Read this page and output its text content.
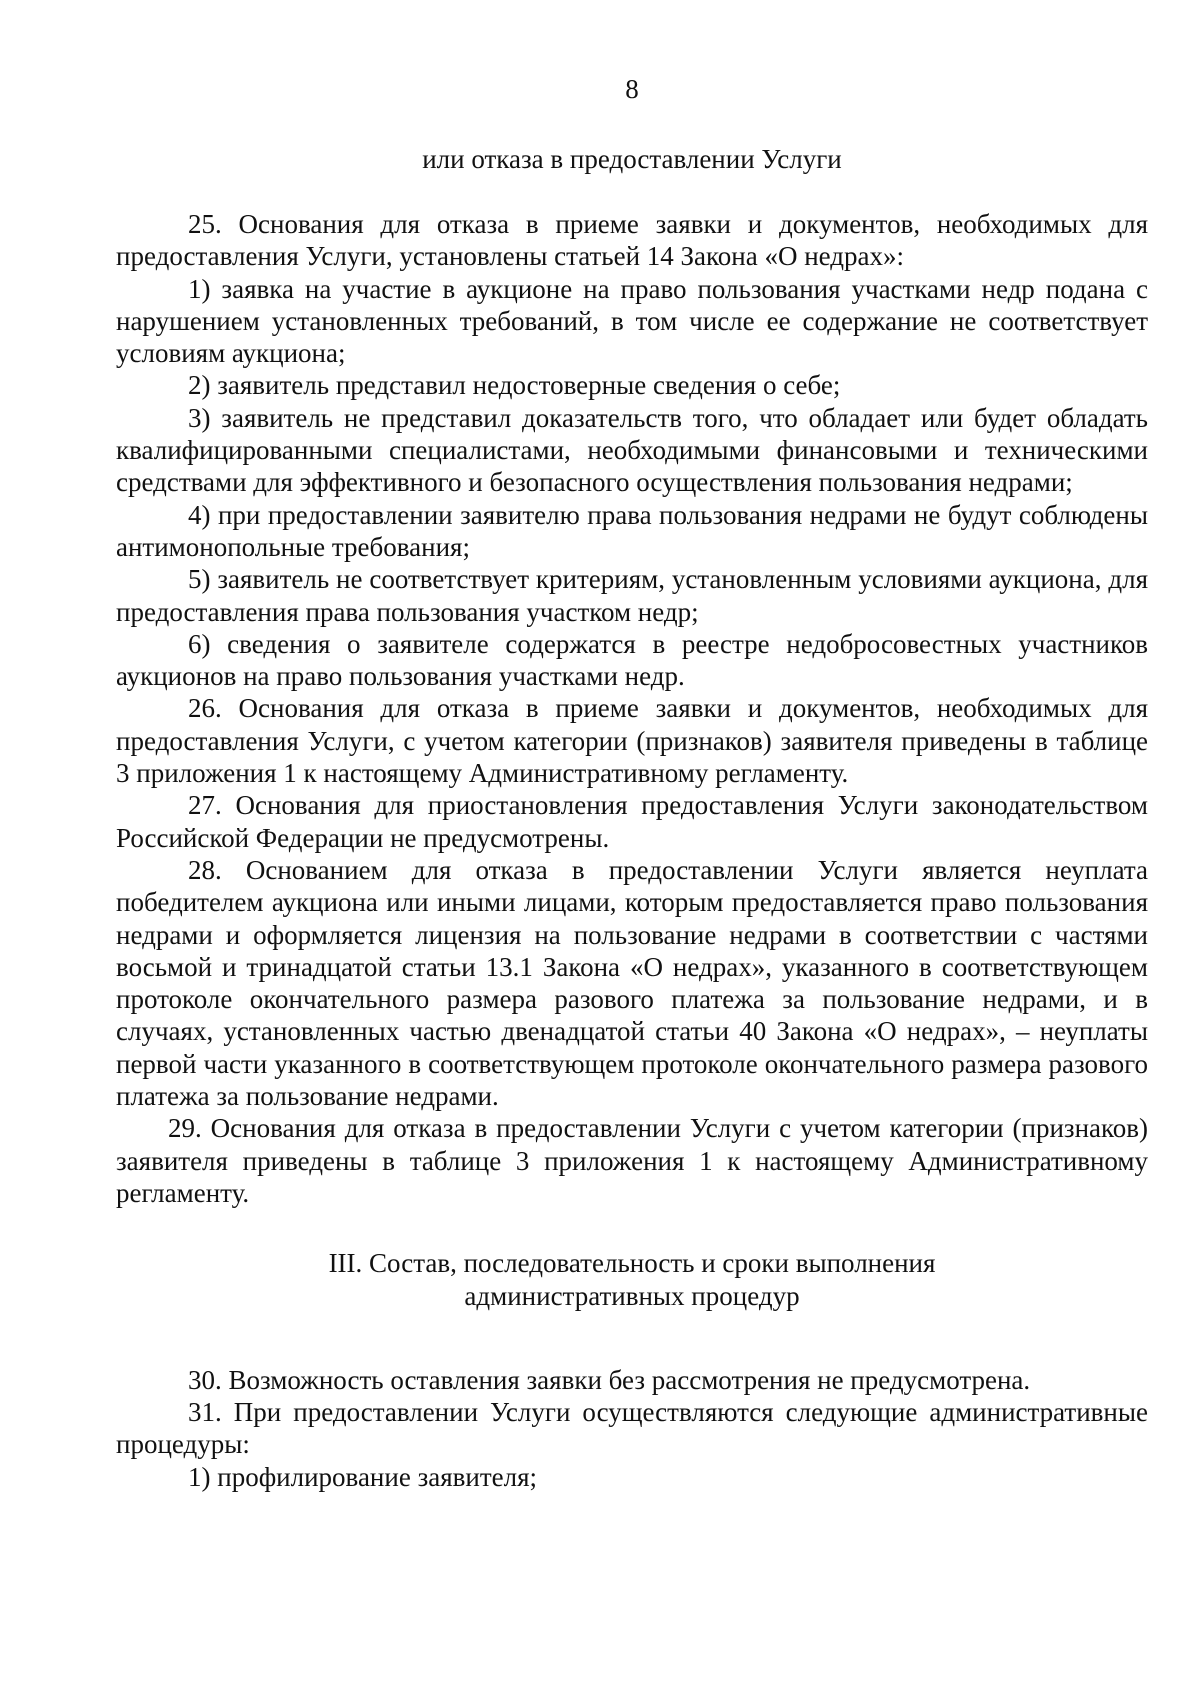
8
или отказа в предоставлении Услуги

25. Основания для отказа в приеме заявки и документов, необходимых для предоставления Услуги, установлены статьей 14 Закона «О недрах»:

1) заявка на участие в аукционе на право пользования участками недр подана с нарушением установленных требований, в том числе ее содержание не соответствует условиям аукциона;

2) заявитель представил недостоверные сведения о себе;

3) заявитель не представил доказательств того, что обладает или будет обладать квалифицированными специалистами, необходимыми финансовыми и техническими средствами для эффективного и безопасного осуществления пользования недрами;

4) при предоставлении заявителю права пользования недрами не будут соблюдены антимонопольные требования;

5) заявитель не соответствует критериям, установленным условиями аукциона, для предоставления права пользования участком недр;

6) сведения о заявителе содержатся в реестре недобросовестных участников аукционов на право пользования участками недр.

26. Основания для отказа в приеме заявки и документов, необходимых для предоставления Услуги, с учетом категории (признаков) заявителя приведены в таблице 3 приложения 1 к настоящему Административному регламенту.

27. Основания для приостановления предоставления Услуги законодательством Российской Федерации не предусмотрены.

28. Основанием для отказа в предоставлении Услуги является неуплата победителем аукциона или иными лицами, которым предоставляется право пользования недрами и оформляется лицензия на пользование недрами в соответствии с частями восьмой и тринадцатой статьи 13.1 Закона «О недрах», указанного в соответствующем протоколе окончательного размера разового платежа за пользование недрами, и в случаях, установленных частью двенадцатой статьи 40 Закона «О недрах», – неуплаты первой части указанного в соответствующем протоколе окончательного размера разового платежа за пользование недрами.

29. Основания для отказа в предоставлении Услуги с учетом категории (признаков) заявителя приведены в таблице 3 приложения 1 к настоящему Административному регламенту.

III. Состав, последовательность и сроки выполнения

административных процедур

30. Возможность оставления заявки без рассмотрения не предусмотрена.

31. При предоставлении Услуги осуществляются следующие административные процедуры:

1) профилирование заявителя;
